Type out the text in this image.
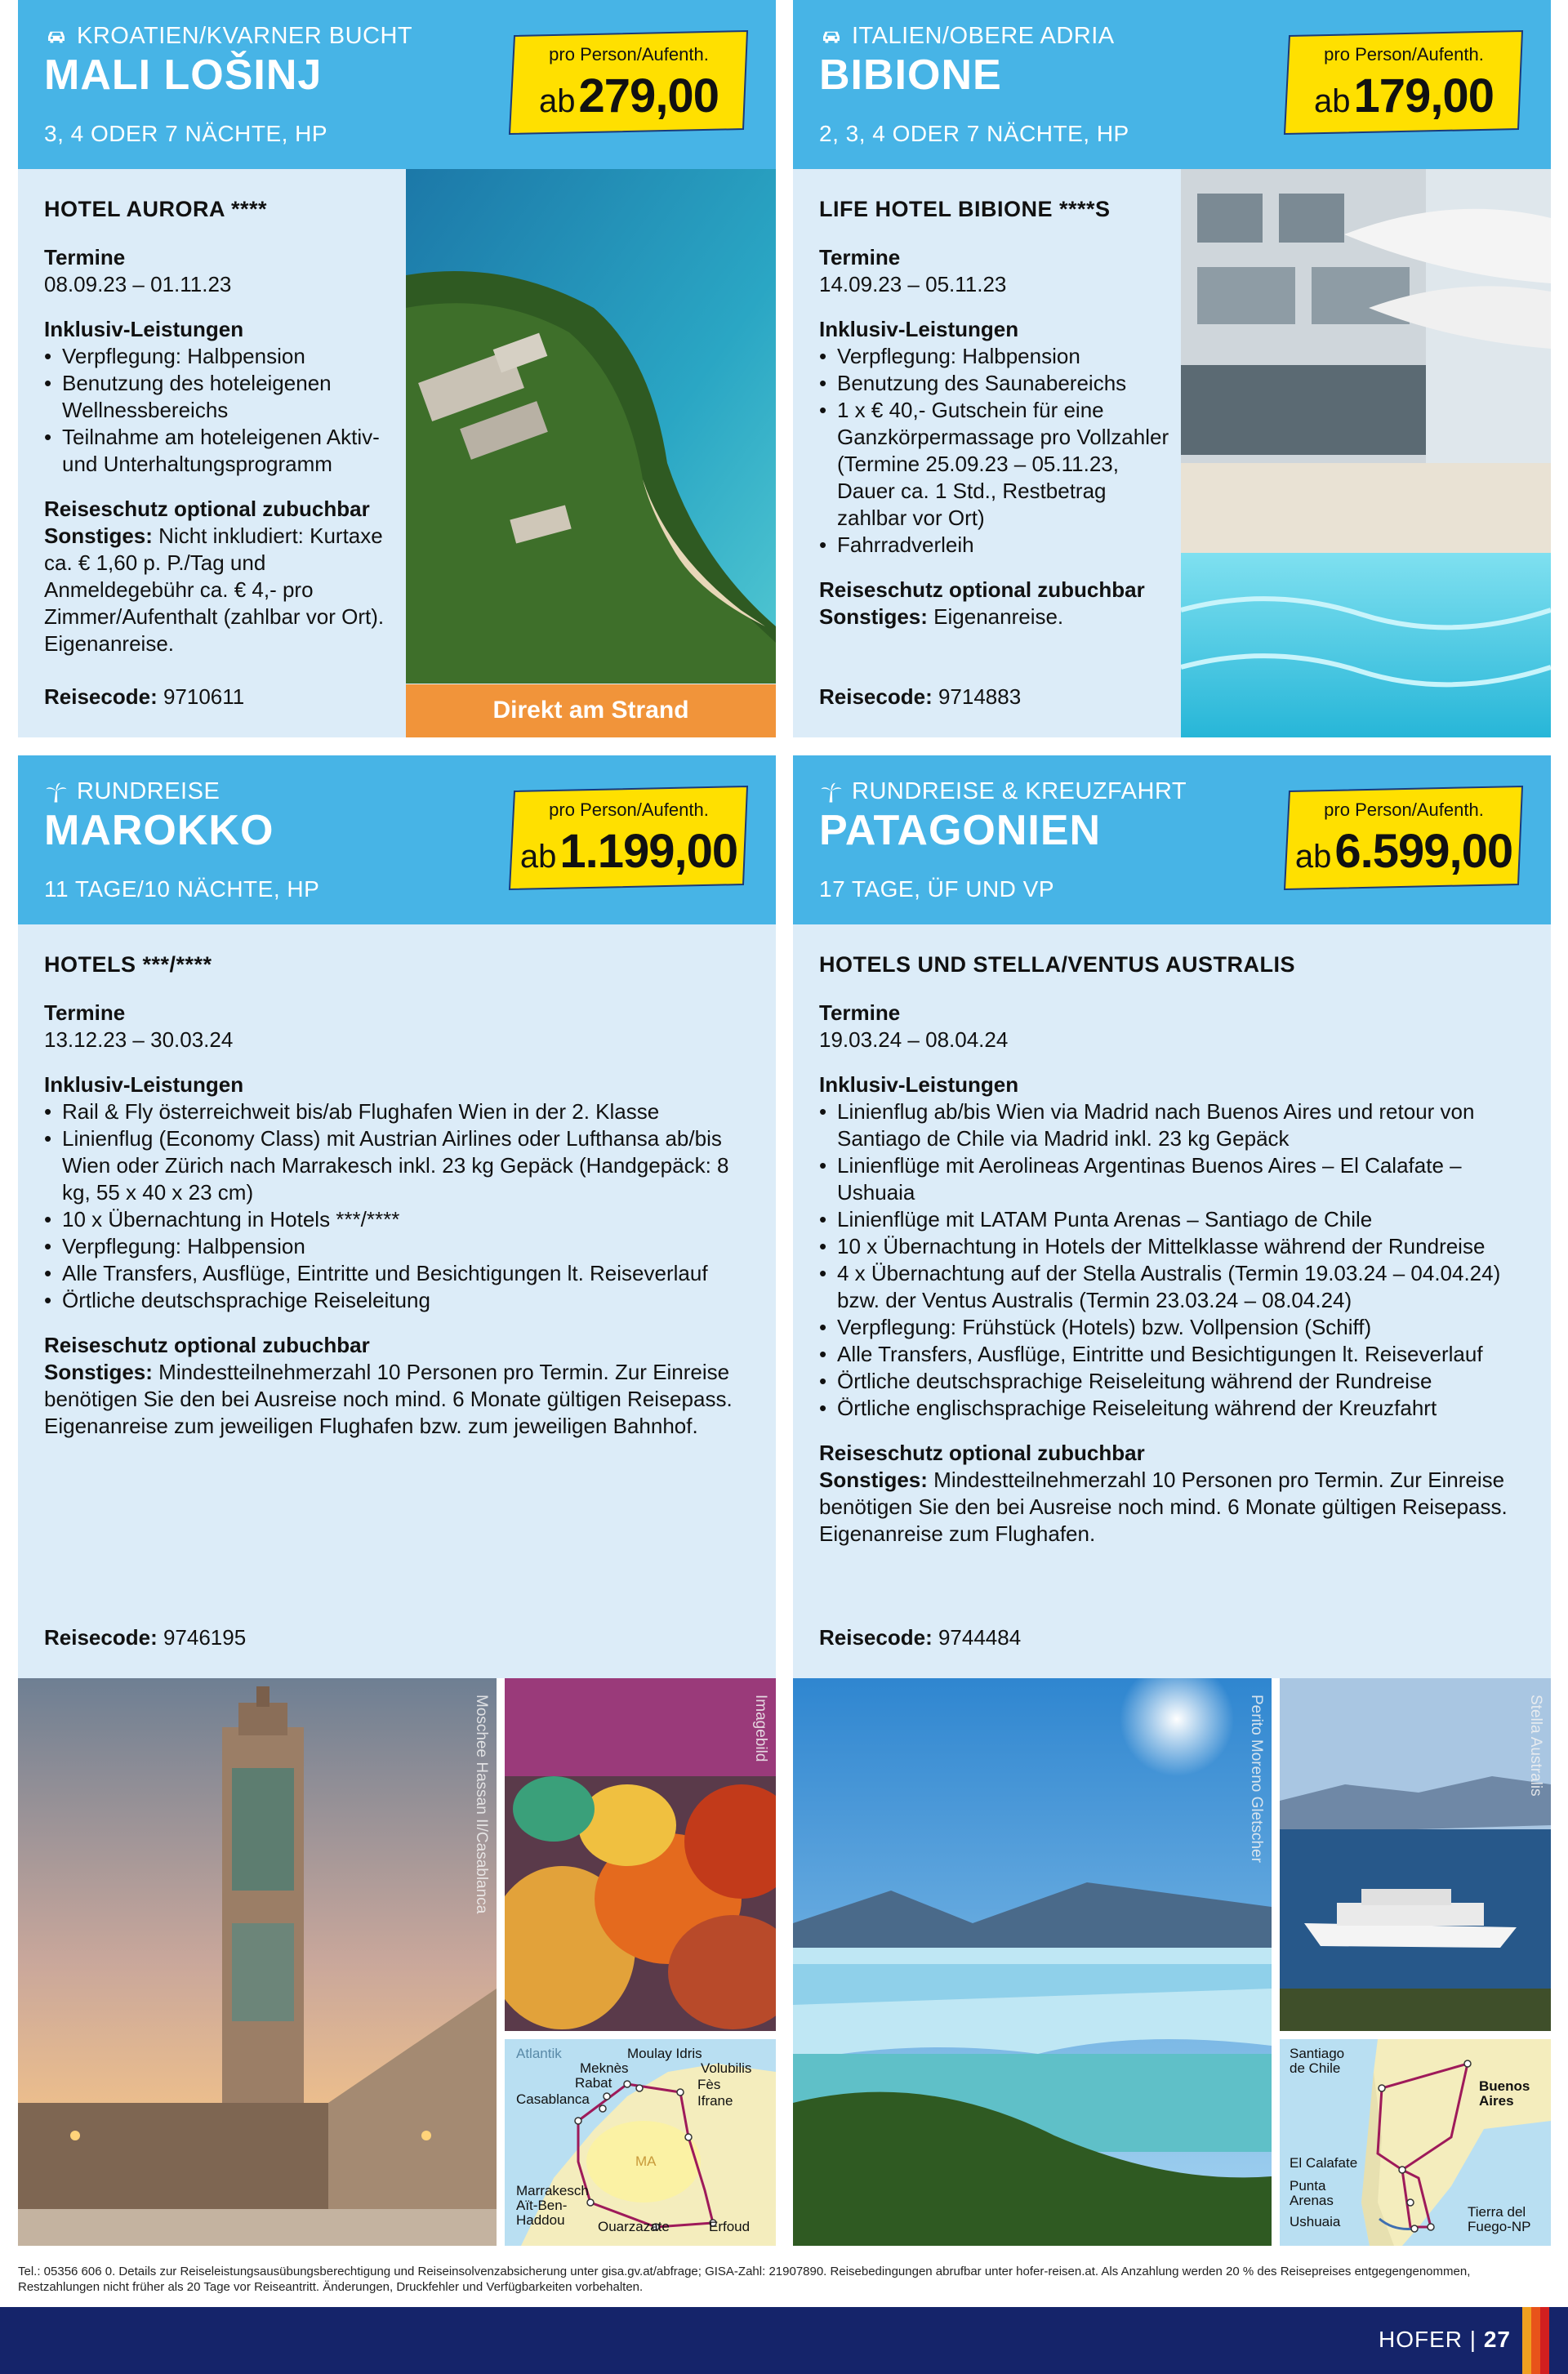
KROATIEN/KVARNER BUCHT
MALI LOŠINJ
3, 4 ODER 7 NÄCHTE, HP
pro Person/Aufenth.
ab279,00
HOTEL AURORA ****
Termine
08.09.23 – 01.11.23
Inklusiv-Leistungen
• Verpflegung: Halbpension
• Benutzung des hoteleigenen Wellnessbereichs
• Teilnahme am hoteleigenen Aktiv- und Unterhaltungsprogramm
Reiseschutz optional zubuchbar
Sonstiges: Nicht inkludiert: Kurtaxe ca. € 1,60 p. P./Tag und Anmeldegebühr ca. € 4,- pro Zimmer/Aufenthalt (zahlbar vor Ort). Eigenanreise.
Reisecode: 9710611	Direkt am Strand
ITALIEN/OBERE ADRIA
BIBIONE
2, 3, 4 ODER 7 NÄCHTE, HP
pro Person/Aufenth.
ab179,00
LIFE HOTEL BIBIONE ****S
Termine
14.09.23 – 05.11.23
Inklusiv-Leistungen
• Verpflegung: Halbpension
• Benutzung des Saunabereichs
• 1 x € 40,- Gutschein für eine Ganzkörpermassage pro Vollzahler (Termine 25.09.23 – 05.11.23, Dauer ca. 1 Std., Restbetrag zahlbar vor Ort)
• Fahrradverleih
Reiseschutz optional zubuchbar
Sonstiges: Eigenanreise.
Reisecode: 9714883
RUNDREISE
MAROKKO
11 TAGE/10 NÄCHTE, HP
pro Person/Aufenth.
ab1.199,00
HOTELS ***/****
Termine
13.12.23 – 30.03.24
Inklusiv-Leistungen
• Rail & Fly österreichweit bis/ab Flughafen Wien in der 2. Klasse
• Linienflug (Economy Class) mit Austrian Airlines oder Lufthansa ab/bis Wien oder Zürich nach Marrakesch inkl. 23 kg Gepäck (Handgepäck: 8 kg, 55 x 40 x 23 cm)
• 10 x Übernachtung in Hotels ***/****
• Verpflegung: Halbpension
• Alle Transfers, Ausflüge, Eintritte und Besichtigungen lt. Reiseverlauf
• Örtliche deutschsprachige Reiseleitung
Reiseschutz optional zubuchbar
Sonstiges: Mindestteilnehmerzahl 10 Personen pro Termin. Zur Einreise benötigen Sie den bei Ausreise noch mind. 6 Monate gültigen Reisepass. Eigenanreise zum jeweiligen Flughafen bzw. zum jeweiligen Bahnhof.
Reisecode: 9746195
Moschee Hassan II/Casablanca	Imagebild
Atlantik
MA
Moulay Idris
Meknès	Volubilis
Rabat	Fès
Casablanca	Ifrane
Marrakesch
Aït-Ben-
Haddou Ouarzazate	Erfoud
RUNDREISE & KREUZFAHRT
PATAGONIEN
17 TAGE, ÜF UND VP
pro Person/Aufenth.
ab6.599,00
HOTELS UND STELLA/VENTUS AUSTRALIS
Termine
19.03.24 – 08.04.24
Inklusiv-Leistungen
• Linienflug ab/bis Wien via Madrid nach Buenos Aires und retour von Santiago de Chile via Madrid inkl. 23 kg Gepäck
• Linienflüge mit Aerolineas Argentinas Buenos Aires – El Calafate – Ushuaia
• Linienflüge mit LATAM Punta Arenas – Santiago de Chile
• 10 x Übernachtung in Hotels der Mittelklasse während der Rundreise
• 4 x Übernachtung auf der Stella Australis (Termin 19.03.24 – 04.04.24) bzw. der Ventus Australis (Termin 23.03.24 – 08.04.24)
• Verpflegung: Frühstück (Hotels) bzw. Vollpension (Schiff)
• Alle Transfers, Ausflüge, Eintritte und Besichtigungen lt. Reiseverlauf
• Örtliche deutschsprachige Reiseleitung während der Rundreise
• Örtliche englischsprachige Reiseleitung während der Kreuzfahrt
Reiseschutz optional zubuchbar
Sonstiges: Mindestteilnehmerzahl 10 Personen pro Termin. Zur Einreise benötigen Sie den bei Ausreise noch mind. 6 Monate gültigen Reisepass. Eigenanreise zum Flughafen.
Reisecode: 9744484
Perito Moreno Gletscher	Stella Australis
Santiago
de Chile
Buenos
Aires
El Calafate
Punta
Arenas
Ushuaia
Tierra del
Fuego-NP
Tel.: 05356 606 0. Details zur Reiseleistungsausübungsberechtigung und Reiseinsolvenzabsicherung unter gisa.gv.at/abfrage; GISA-Zahl: 21907890. Reisebedingungen abrufbar unter hofer-reisen.at. Als Anzahlung werden 20 % des Reisepreises entgegengenommen, Restzahlungen nicht früher als 20 Tage vor Reiseantritt. Änderungen, Druckfehler und Verfügbarkeiten vorbehalten.
HOFER | 27
